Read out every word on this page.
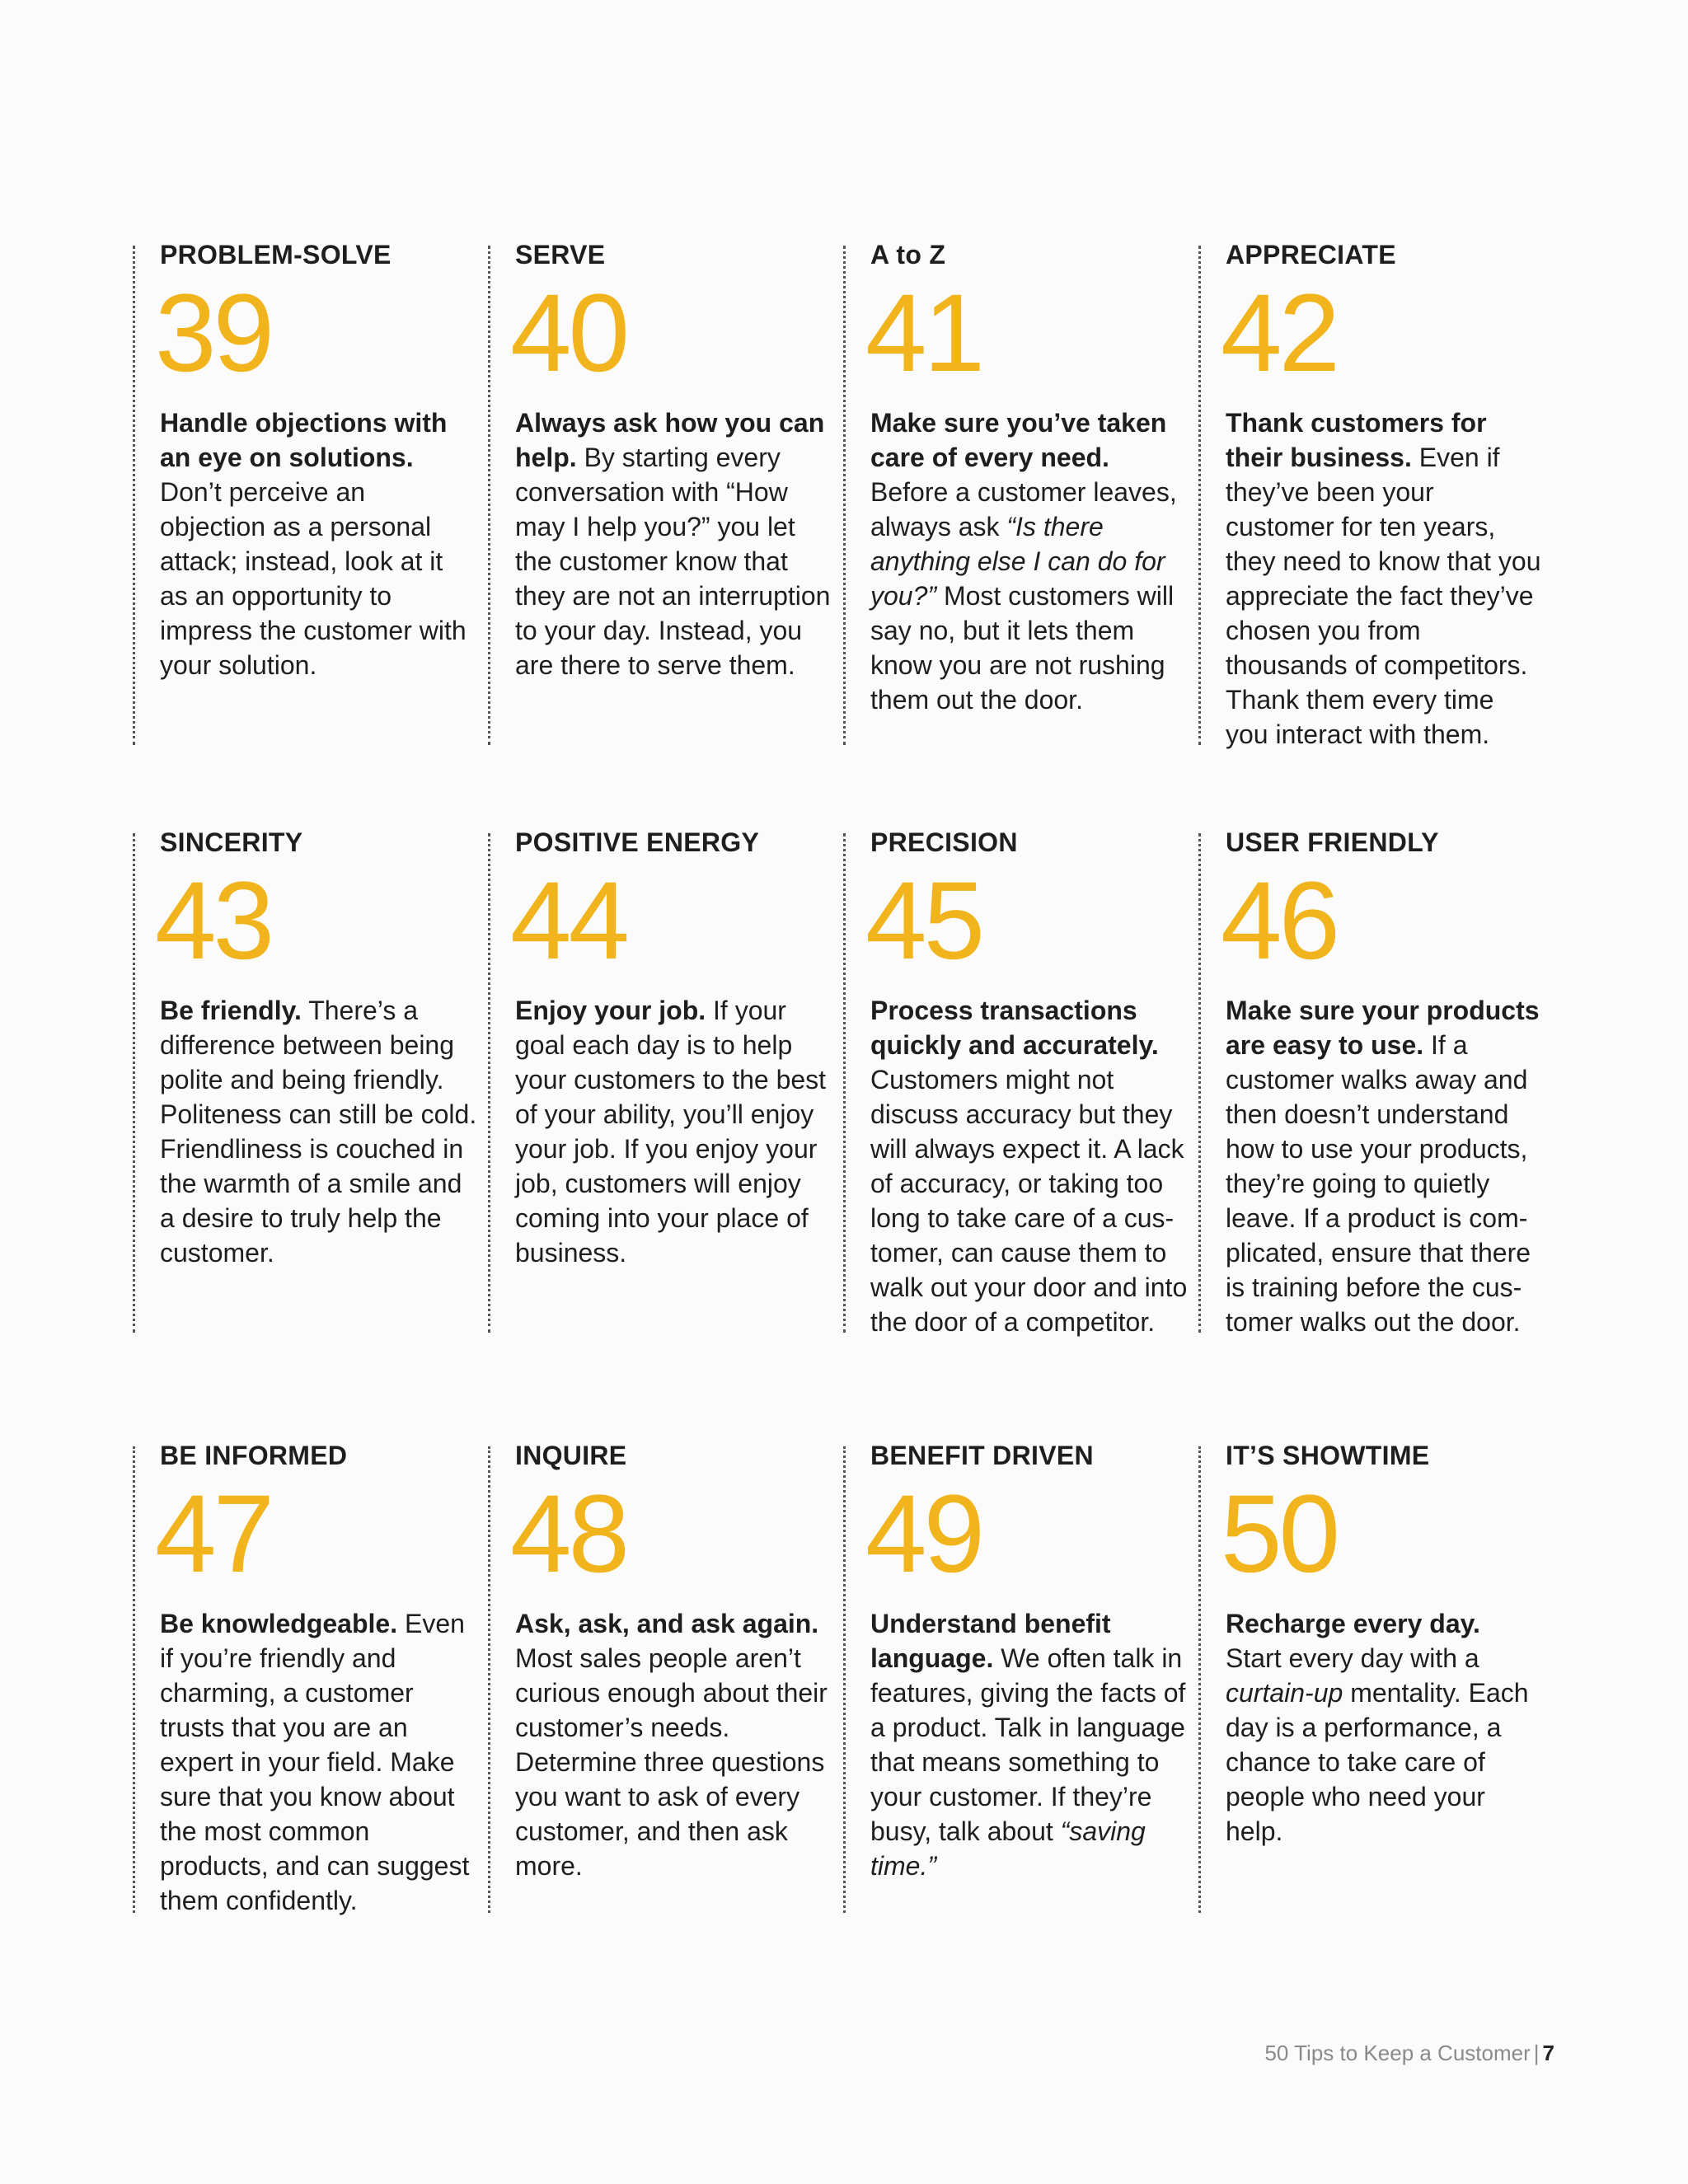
PROBLEM-SOLVE
39
Handle objections with an eye on solutions. Don’t perceive an objection as a personal attack; instead, look at it as an opportunity to impress the customer with your solution.
SERVE
40
Always ask how you can help. By starting every conversation with “How may I help you?” you let the customer know that they are not an interruption to your day. Instead, you are there to serve them.
A to Z
41
Make sure you’ve taken care of every need. Before a customer leaves, always ask “Is there anything else I can do for you?” Most customers will say no, but it lets them know you are not rushing them out the door.
APPRECIATE
42
Thank customers for their business. Even if they’ve been your customer for ten years, they need to know that you appreciate the fact they’ve chosen you from thousands of competitors. Thank them every time you interact with them.
SINCERITY
43
Be friendly. There’s a difference between being polite and being friendly. Politeness can still be cold. Friendliness is couched in the warmth of a smile and a desire to truly help the customer.
POSITIVE ENERGY
44
Enjoy your job. If your goal each day is to help your customers to the best of your ability, you’ll enjoy your job. If you enjoy your job, customers will enjoy coming into your place of business.
PRECISION
45
Process transactions quickly and accurately. Customers might not discuss accuracy but they will always expect it. A lack of accuracy, or taking too long to take care of a cus-tomer, can cause them to walk out your door and into the door of a competitor.
USER FRIENDLY
46
Make sure your products are easy to use. If a customer walks away and then doesn’t understand how to use your products, they’re going to quietly leave. If a product is com-plicated, ensure that there is training before the cus-tomer walks out the door.
BE INFORMED
47
Be knowledgeable. Even if you’re friendly and charming, a customer trusts that you are an expert in your field. Make sure that you know about the most common products, and can suggest them confidently.
INQUIRE
48
Ask, ask, and ask again. Most sales people aren’t curious enough about their customer’s needs. Determine three questions you want to ask of every customer, and then ask more.
BENEFIT DRIVEN
49
Understand benefit language. We often talk in features, giving the facts of a product. Talk in language that means something to your customer. If they’re busy, talk about “saving time.”
IT’S SHOWTIME
50
Recharge every day. Start every day with a curtain-up mentality. Each day is a performance, a chance to take care of people who need your help.
50 Tips to Keep a Customer | 7
